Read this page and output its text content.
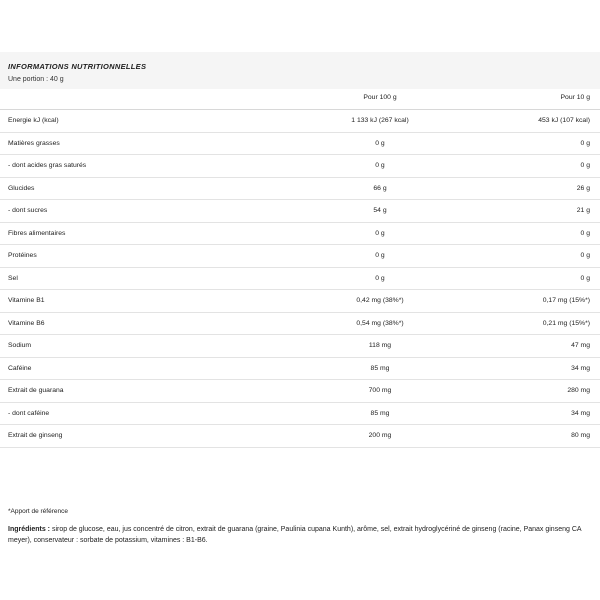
INFORMATIONS NUTRITIONNELLES

Une portion : 40 g

	Pour 100 g	Pour 10 g
Energie kJ (kcal)	1 133 kJ (267 kcal)	453 kJ (107 kcal)
Matières grasses	0 g	0 g
- dont acides gras saturés	0 g	0 g
Glucides	66 g	26 g
- dont sucres	54 g	21 g
Fibres alimentaires	0 g	0 g
Protéines	0 g	0 g
Sel	0 g	0 g
Vitamine B1	0,42 mg (38%*)	0,17 mg (15%*)
Vitamine B6	0,54 mg (38%*)	0,21 mg (15%*)
Sodium	118 mg	47 mg
Caféine	85 mg	34 mg
Extrait de guarana	700 mg	280 mg
- dont caféine	85 mg	34 mg
Extrait de ginseng	200 mg	80 mg
*Apport de référence
Ingrédients : sirop de glucose, eau, jus concentré de citron, extrait de guarana (graine, Paulinia cupana Kunth), arôme, sel, extrait hydroglycériné de ginseng (racine, Panax ginseng CA meyer), conservateur : sorbate de potassium, vitamines : B1-B6.
